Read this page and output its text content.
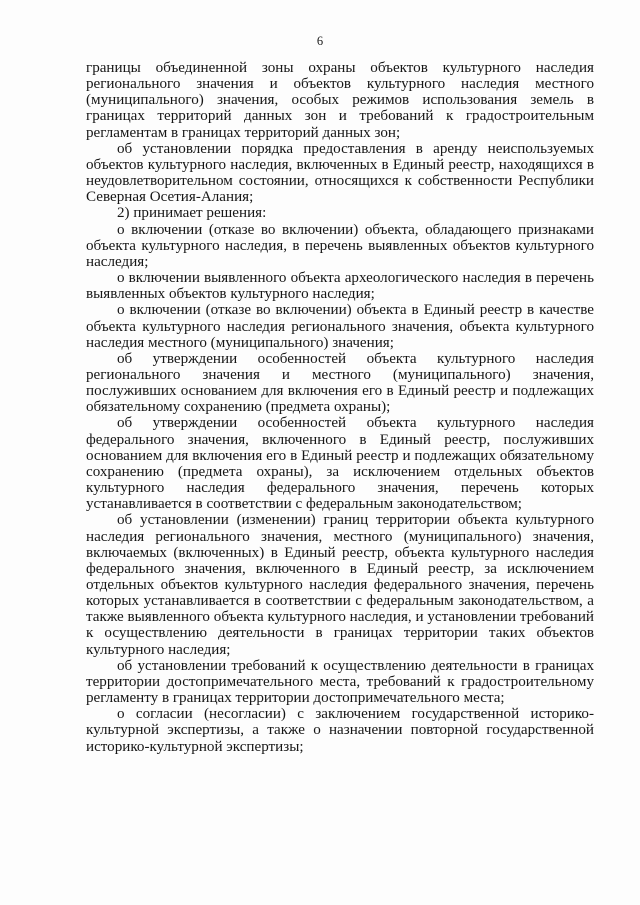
6

границы объединенной зоны охраны объектов культурного наследия регионального значения и объектов культурного наследия местного (муниципального) значения, особых режимов использования земель в границах территорий данных зон и требований к градостроительным регламентам в границах территорий данных зон;

об установлении порядка предоставления в аренду неиспользуемых объектов культурного наследия, включенных в Единый реестр, находящихся в неудовлетворительном состоянии, относящихся к собственности Республики Северная Осетия-Алания;

2) принимает решения:

о включении (отказе во включении) объекта, обладающего признаками объекта культурного наследия, в перечень выявленных объектов культурного наследия;

о включении выявленного объекта археологического наследия в перечень выявленных объектов культурного наследия;

о включении (отказе во включении) объекта в Единый реестр в качестве объекта культурного наследия регионального значения, объекта культурного наследия местного (муниципального) значения;

об утверждении особенностей объекта культурного наследия регионального значения и местного (муниципального) значения, послуживших основанием для включения его в Единый реестр и подлежащих обязательному сохранению (предмета охраны);

об утверждении особенностей объекта культурного наследия федерального значения, включенного в Единый реестр, послуживших основанием для включения его в Единый реестр и подлежащих обязательному сохранению (предмета охраны), за исключением отдельных объектов культурного наследия федерального значения, перечень которых устанавливается в соответствии с федеральным законодательством;

об установлении (изменении) границ территории объекта культурного наследия регионального значения, местного (муниципального) значения, включаемых (включенных) в Единый реестр, объекта культурного наследия федерального значения, включенного в Единый реестр, за исключением отдельных объектов культурного наследия федерального значения, перечень которых устанавливается в соответствии с федеральным законодательством, а также выявленного объекта культурного наследия, и установлении требований к осуществлению деятельности в границах территории таких объектов культурного наследия;

об установлении требований к осуществлению деятельности в границах территории достопримечательного места, требований к градостроительному регламенту в границах территории достопримечательного места;

о согласии (несогласии) с заключением государственной историко-культурной экспертизы, а также о назначении повторной государственной историко-культурной экспертизы;
